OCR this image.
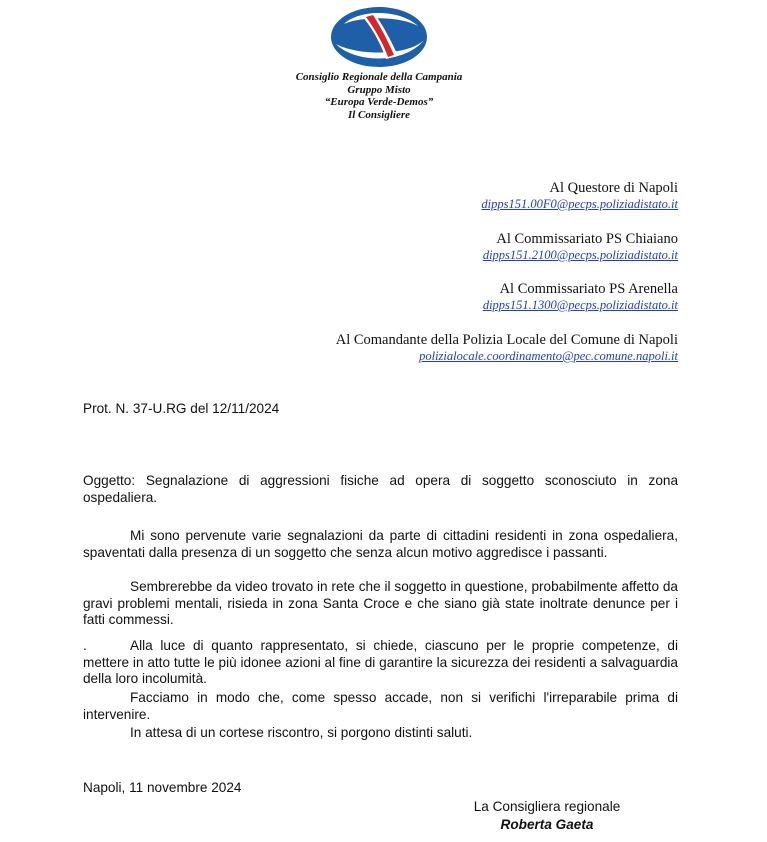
Consiglio Regionale della Campania
Gruppo Misto
“Europa Verde-Demos”
Il Consigliere
Al Questore di Napoli
dipps151.00F0@pecps.poliziadistato.it
Al Commissariato PS Chiaiano
dipps151.2100@pecps.poliziadistato.it
Al Commissariato PS Arenella
dipps151.1300@pecps.poliziadistato.it
Al Comandante della Polizia Locale del Comune di Napoli
polizialocale.coordinamento@pec.comune.napoli.it
Prot. N. 37-U.RG del 12/11/2024
Oggetto: Segnalazione di aggressioni fisiche ad opera di soggetto sconosciuto in zona ospedaliera.
Mi sono pervenute varie segnalazioni da parte di cittadini residenti in zona ospedaliera, spaventati dalla presenza di un soggetto che senza alcun motivo aggredisce i passanti.
Sembrerebbe da video trovato in rete che il soggetto in questione, probabilmente affetto da gravi problemi mentali, risieda in zona Santa Croce e che siano già state inoltrate denunce per i fatti commessi.
.	Alla luce di quanto rappresentato, si chiede, ciascuno per le proprie competenze, di mettere in atto tutte le più idonee azioni al fine di garantire la sicurezza dei residenti a salvaguardia della loro incolumità.
Facciamo in modo che, come spesso accade, non si verifichi l'irreparabile prima di intervenire.
In attesa di un cortese riscontro, si porgono distinti saluti.
Napoli, 11 novembre 2024
La Consigliera regionale
Roberta Gaeta
